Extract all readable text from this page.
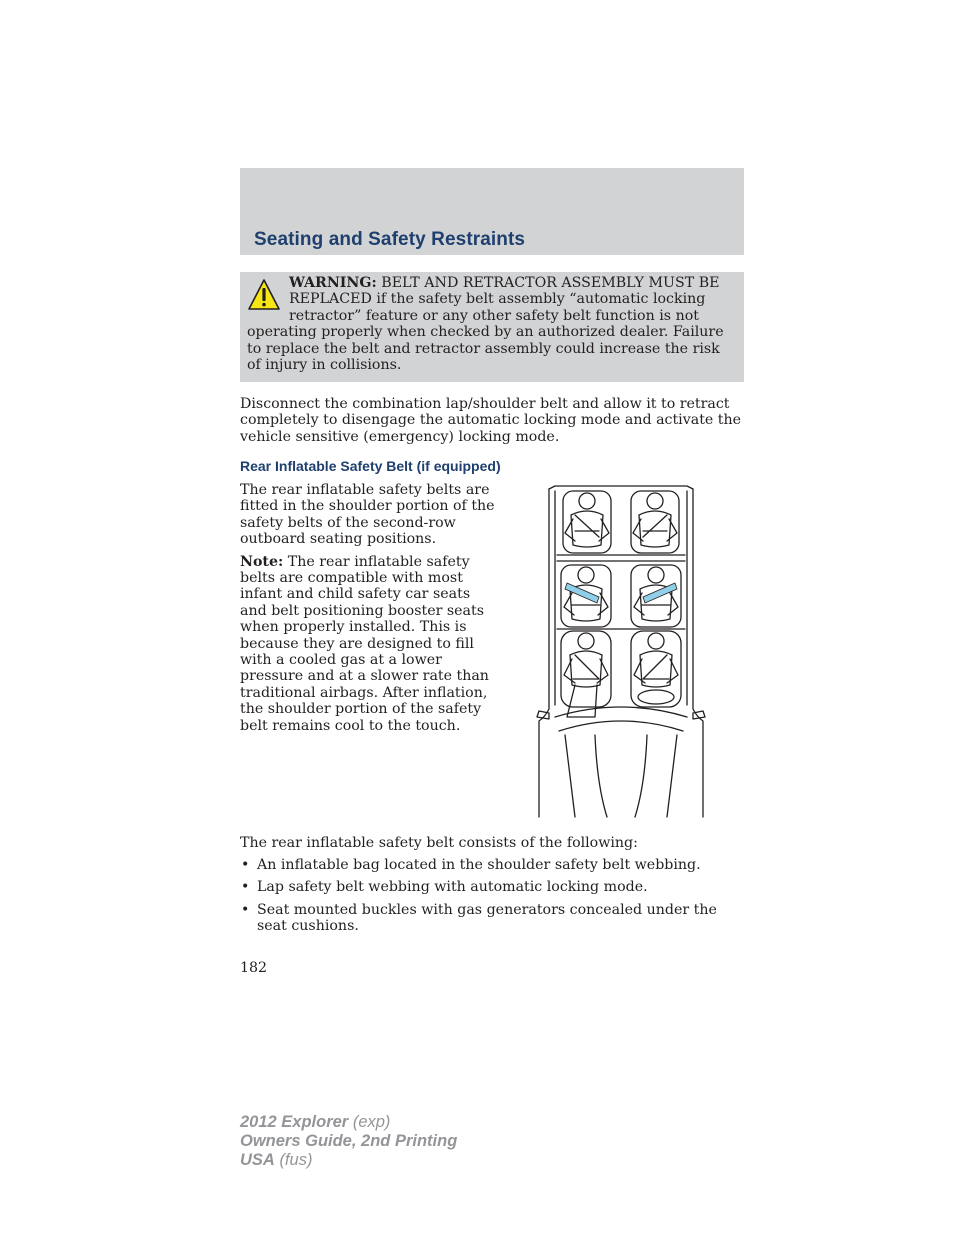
Seating and Safety Restraints
WARNING: BELT AND RETRACTOR ASSEMBLY MUST BE REPLACED if the safety belt assembly “automatic locking retractor” feature or any other safety belt function is not operating properly when checked by an authorized dealer. Failure to replace the belt and retractor assembly could increase the risk of injury in collisions.

Disconnect the combination lap/shoulder belt and allow it to retract completely to disengage the automatic locking mode and activate the vehicle sensitive (emergency) locking mode.

Rear Inflatable Safety Belt (if equipped)

The rear inflatable safety belts are fitted in the shoulder portion of the safety belts of the second-row outboard seating positions.

Note: The rear inflatable safety belts are compatible with most infant and child safety car seats and belt positioning booster seats when properly installed. This is because they are designed to fill with a cooled gas at a lower pressure and at a slower rate than traditional airbags. After inflation, the shoulder portion of the safety belt remains cool to the touch.

The rear inflatable safety belt consists of the following:

• An inflatable bag located in the shoulder safety belt webbing.
• Lap safety belt webbing with automatic locking mode.
• Seat mounted buckles with gas generators concealed under the seat cushions.
182
2012 Explorer (exp)
Owners Guide, 2nd Printing
USA (fus)
